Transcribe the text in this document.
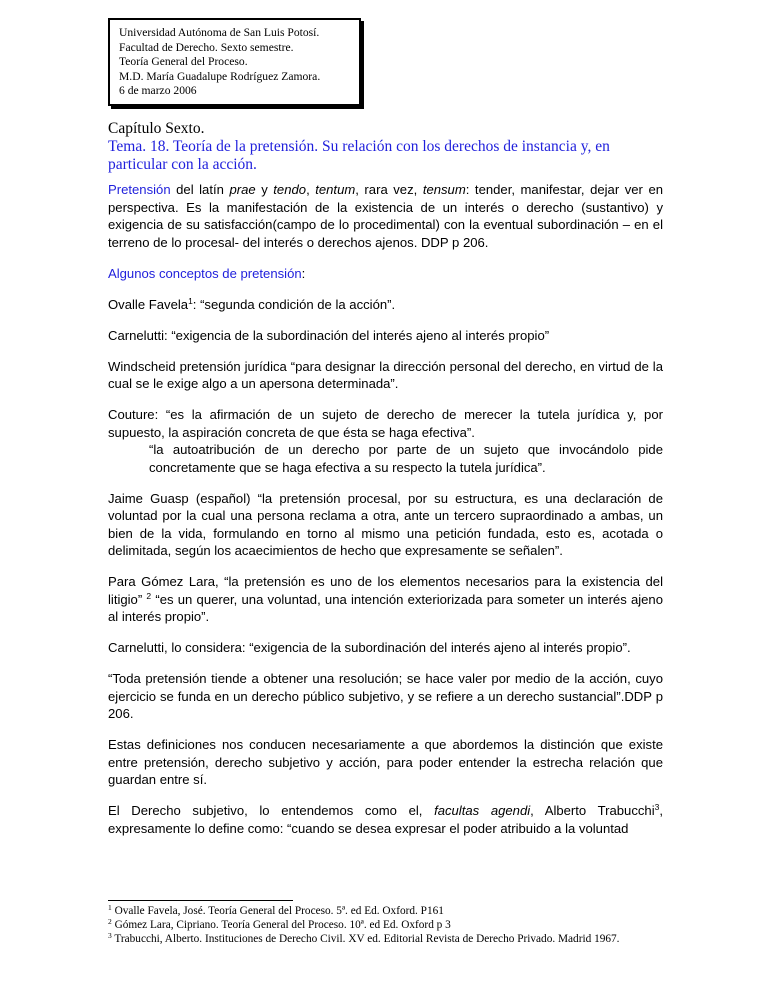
Universidad Autónoma de San Luis Potosí.
Facultad de Derecho. Sexto semestre.
Teoría General del Proceso.
M.D. María Guadalupe Rodríguez Zamora.
6 de marzo 2006
Capítulo Sexto.
Tema. 18. Teoría de la pretensión. Su relación con los derechos de instancia y, en particular con la acción.

Pretensión del latín prae y tendo, tentum, rara vez, tensum: tender, manifestar, dejar ver en perspectiva. Es la manifestación de la existencia de un interés o derecho (sustantivo) y exigencia de su satisfacción(campo de lo procedimental) con la eventual subordinación – en el terreno de lo procesal- del interés o derechos ajenos. DDP p 206.

Algunos conceptos de pretensión:

Ovalle Favela$^1$: “segunda condición de la acción”.

Carnelutti: “exigencia de la subordinación del interés ajeno al interés propio”

Windscheid pretensión jurídica “para designar la dirección personal del derecho, en virtud de la cual se le exige algo a un apersona determinada”.

Couture: “es la afirmación de un sujeto de derecho de merecer la tutela jurídica y, por supuesto, la aspiración concreta de que ésta se haga efectiva”.
“la autoatribución de un derecho por parte de un sujeto que invocándolo pide concretamente que se haga efectiva a su respecto la tutela jurídica”.

Jaime Guasp (español) “la pretensión procesal, por su estructura, es una declaración de voluntad por la cual una persona reclama a otra, ante un tercero supraordinado a ambas, un bien de la vida, formulando en torno al mismo una petición fundada, esto es, acotada o delimitada, según los acaecimientos de hecho que expresamente se señalen”.

Para Gómez Lara, “la pretensión es uno de los elementos necesarios para la existencia del litigio” $^2$ “es un querer, una voluntad, una intención exteriorizada para someter un interés ajeno al interés propio”.

Carnelutti, lo considera: “exigencia de la subordinación del interés ajeno al interés propio”.

“Toda pretensión tiende a obtener una resolución; se hace valer por medio de la acción, cuyo ejercicio se funda en un derecho público subjetivo, y se refiere a un derecho sustancial”.DDP p 206.

Estas definiciones nos conducen necesariamente a que abordemos la distinción que existe entre pretensión, derecho subjetivo y acción, para poder entender la estrecha relación que guardan entre sí.

El Derecho subjetivo, lo entendemos como el, facultas agendi, Alberto Trabucchi$^3$, expresamente lo define como: “cuando se desea expresar el poder atribuido a la voluntad

$^1$ Ovalle Favela, José. Teoría General del Proceso. 5ª. ed Ed. Oxford. P161
$^2$ Gómez Lara, Cipriano. Teoría General del Proceso. 10ª. ed Ed. Oxford p 3
$^3$ Trabucchi, Alberto. Instituciones de Derecho Civil. XV ed. Editorial Revista de Derecho Privado. Madrid 1967.
